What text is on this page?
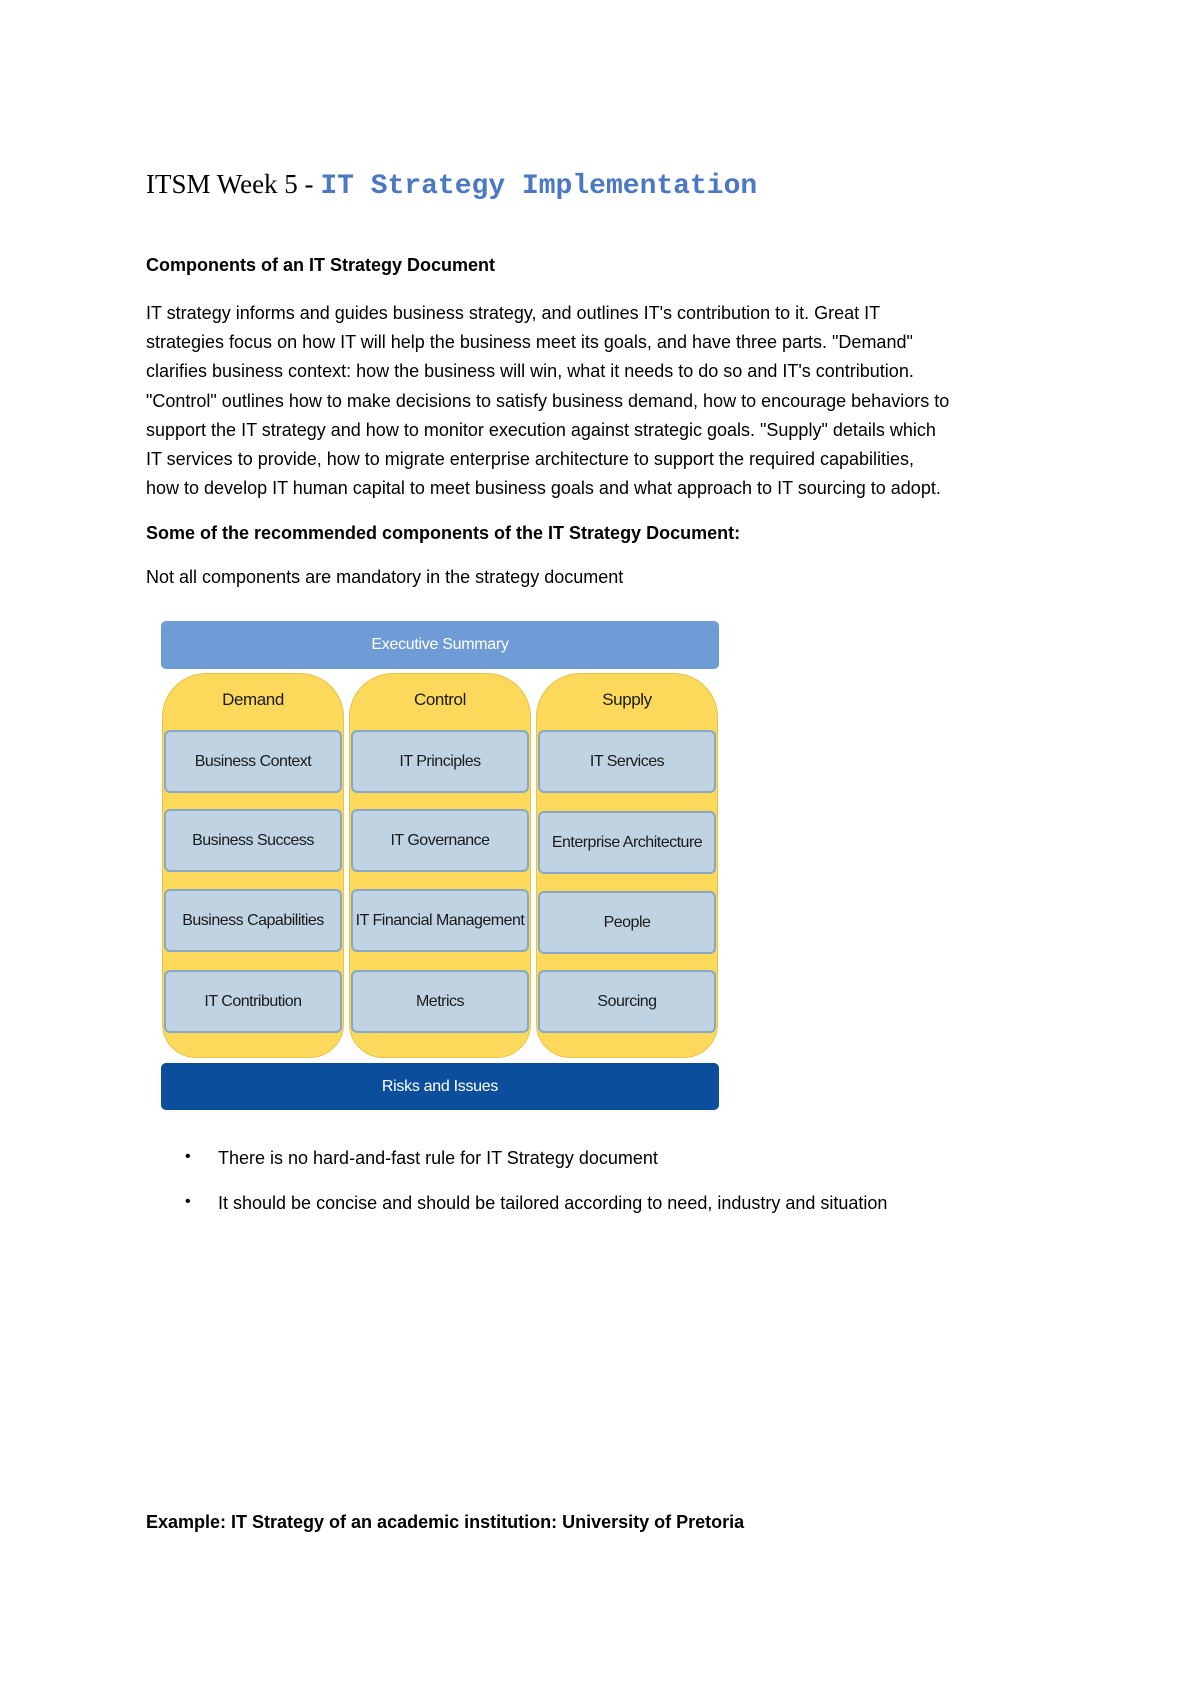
ITSM Week 5 - IT Strategy Implementation
Components of an IT Strategy Document
IT strategy informs and guides business strategy, and outlines IT's contribution to it. Great IT
strategies focus on how IT will help the business meet its goals, and have three parts. "Demand"
clarifies business context: how the business will win, what it needs to do so and IT's contribution.
"Control" outlines how to make decisions to satisfy business demand, how to encourage behaviors to
support the IT strategy and how to monitor execution against strategic goals. "Supply" details which
IT services to provide, how to migrate enterprise architecture to support the required capabilities,
how to develop IT human capital to meet business goals and what approach to IT sourcing to adopt.
Some of the recommended components of the IT Strategy Document:
Not all components are mandatory in the strategy document
Executive Summary
Demand
Business Context
Business Success
Business Capabilities
IT Contribution
Control
IT Principles
IT Governance
IT Financial Management
Metrics
Supply
IT Services
Enterprise Architecture
People
Sourcing
Risks and Issues
• There is no hard-and-fast rule for IT Strategy document
• It should be concise and should be tailored according to need, industry and situation
Example: IT Strategy of an academic institution: University of Pretoria
